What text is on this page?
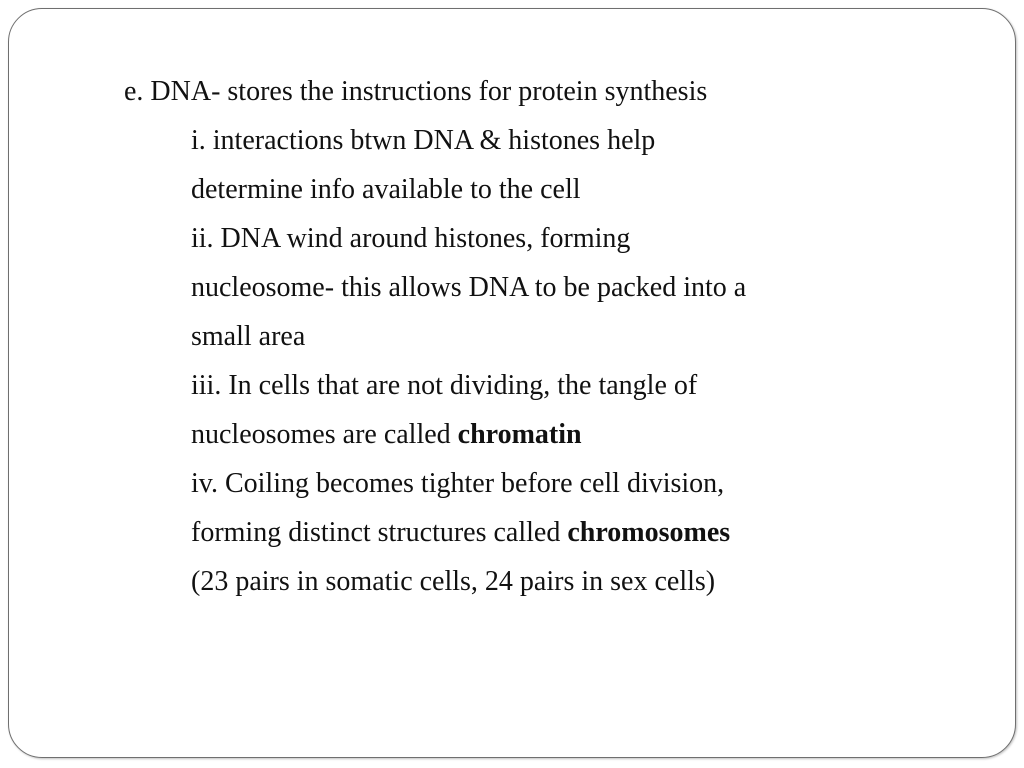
e. DNA- stores the instructions for protein synthesis

i. interactions btwn DNA & histones help

determine info available to the cell

ii. DNA wind around histones, forming

nucleosome- this allows DNA to be packed into a

small area

iii. In cells that are not dividing, the tangle of

nucleosomes are called chromatin

iv. Coiling becomes tighter before cell division,

forming distinct structures called chromosomes

(23 pairs in somatic cells, 24 pairs in sex cells)
